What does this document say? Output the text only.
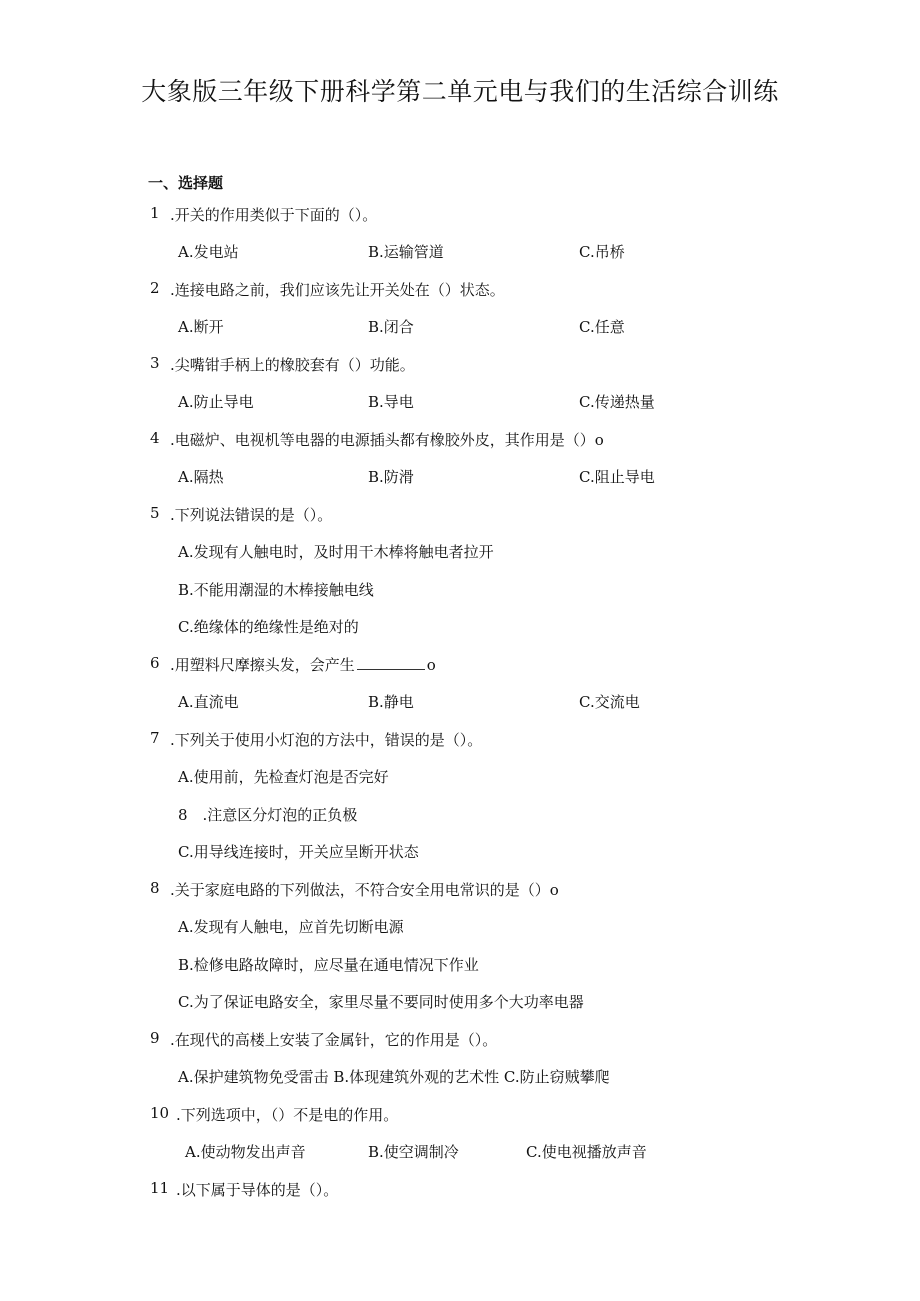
大象版三年级下册科学第二单元电与我们的生活综合训练
一、选择题
1 .开关的作用类似于下面的（）。
A.发电站	B.运输管道	C.吊桥
2 .连接电路之前，我们应该先让开关处在（）状态。
A.断开	B.闭合	C.任意
3 .尖嘴钳手柄上的橡胶套有（）功能。
A.防止导电	B.导电	C.传递热量
4 .电磁炉、电视机等电器的电源插头都有橡胶外皮，其作用是（）o
A.隔热	B.防滑	C.阻止导电
5 .下列说法错误的是（）。
A.发现有人触电时，及时用干木棒将触电者拉开
B.不能用潮湿的木棒接触电线
C.绝缘体的绝缘性是绝对的
6 .用塑料尺摩擦头发，会产生	o
A.直流电	B.静电	C.交流电
7 .下列关于使用小灯泡的方法中，错误的是（）。
A.使用前，先检查灯泡是否完好
8　.注意区分灯泡的正负极
C.用导线连接时，开关应呈断开状态
8 .关于家庭电路的下列做法，不符合安全用电常识的是（）o
A.发现有人触电，应首先切断电源
B.检修电路故障时，应尽量在通电情况下作业
C.为了保证电路安全，家里尽量不要同时使用多个大功率电器
9 .在现代的高楼上安装了金属针，它的作用是（）。
A.保护建筑物免受雷击 B.体现建筑外观的艺术性 C.防止窃贼攀爬
10 .下列选项中，（）不是电的作用。
A.使动物发出声音	B.使空调制冷	C.使电视播放声音
11 .以下属于导体的是（）。
